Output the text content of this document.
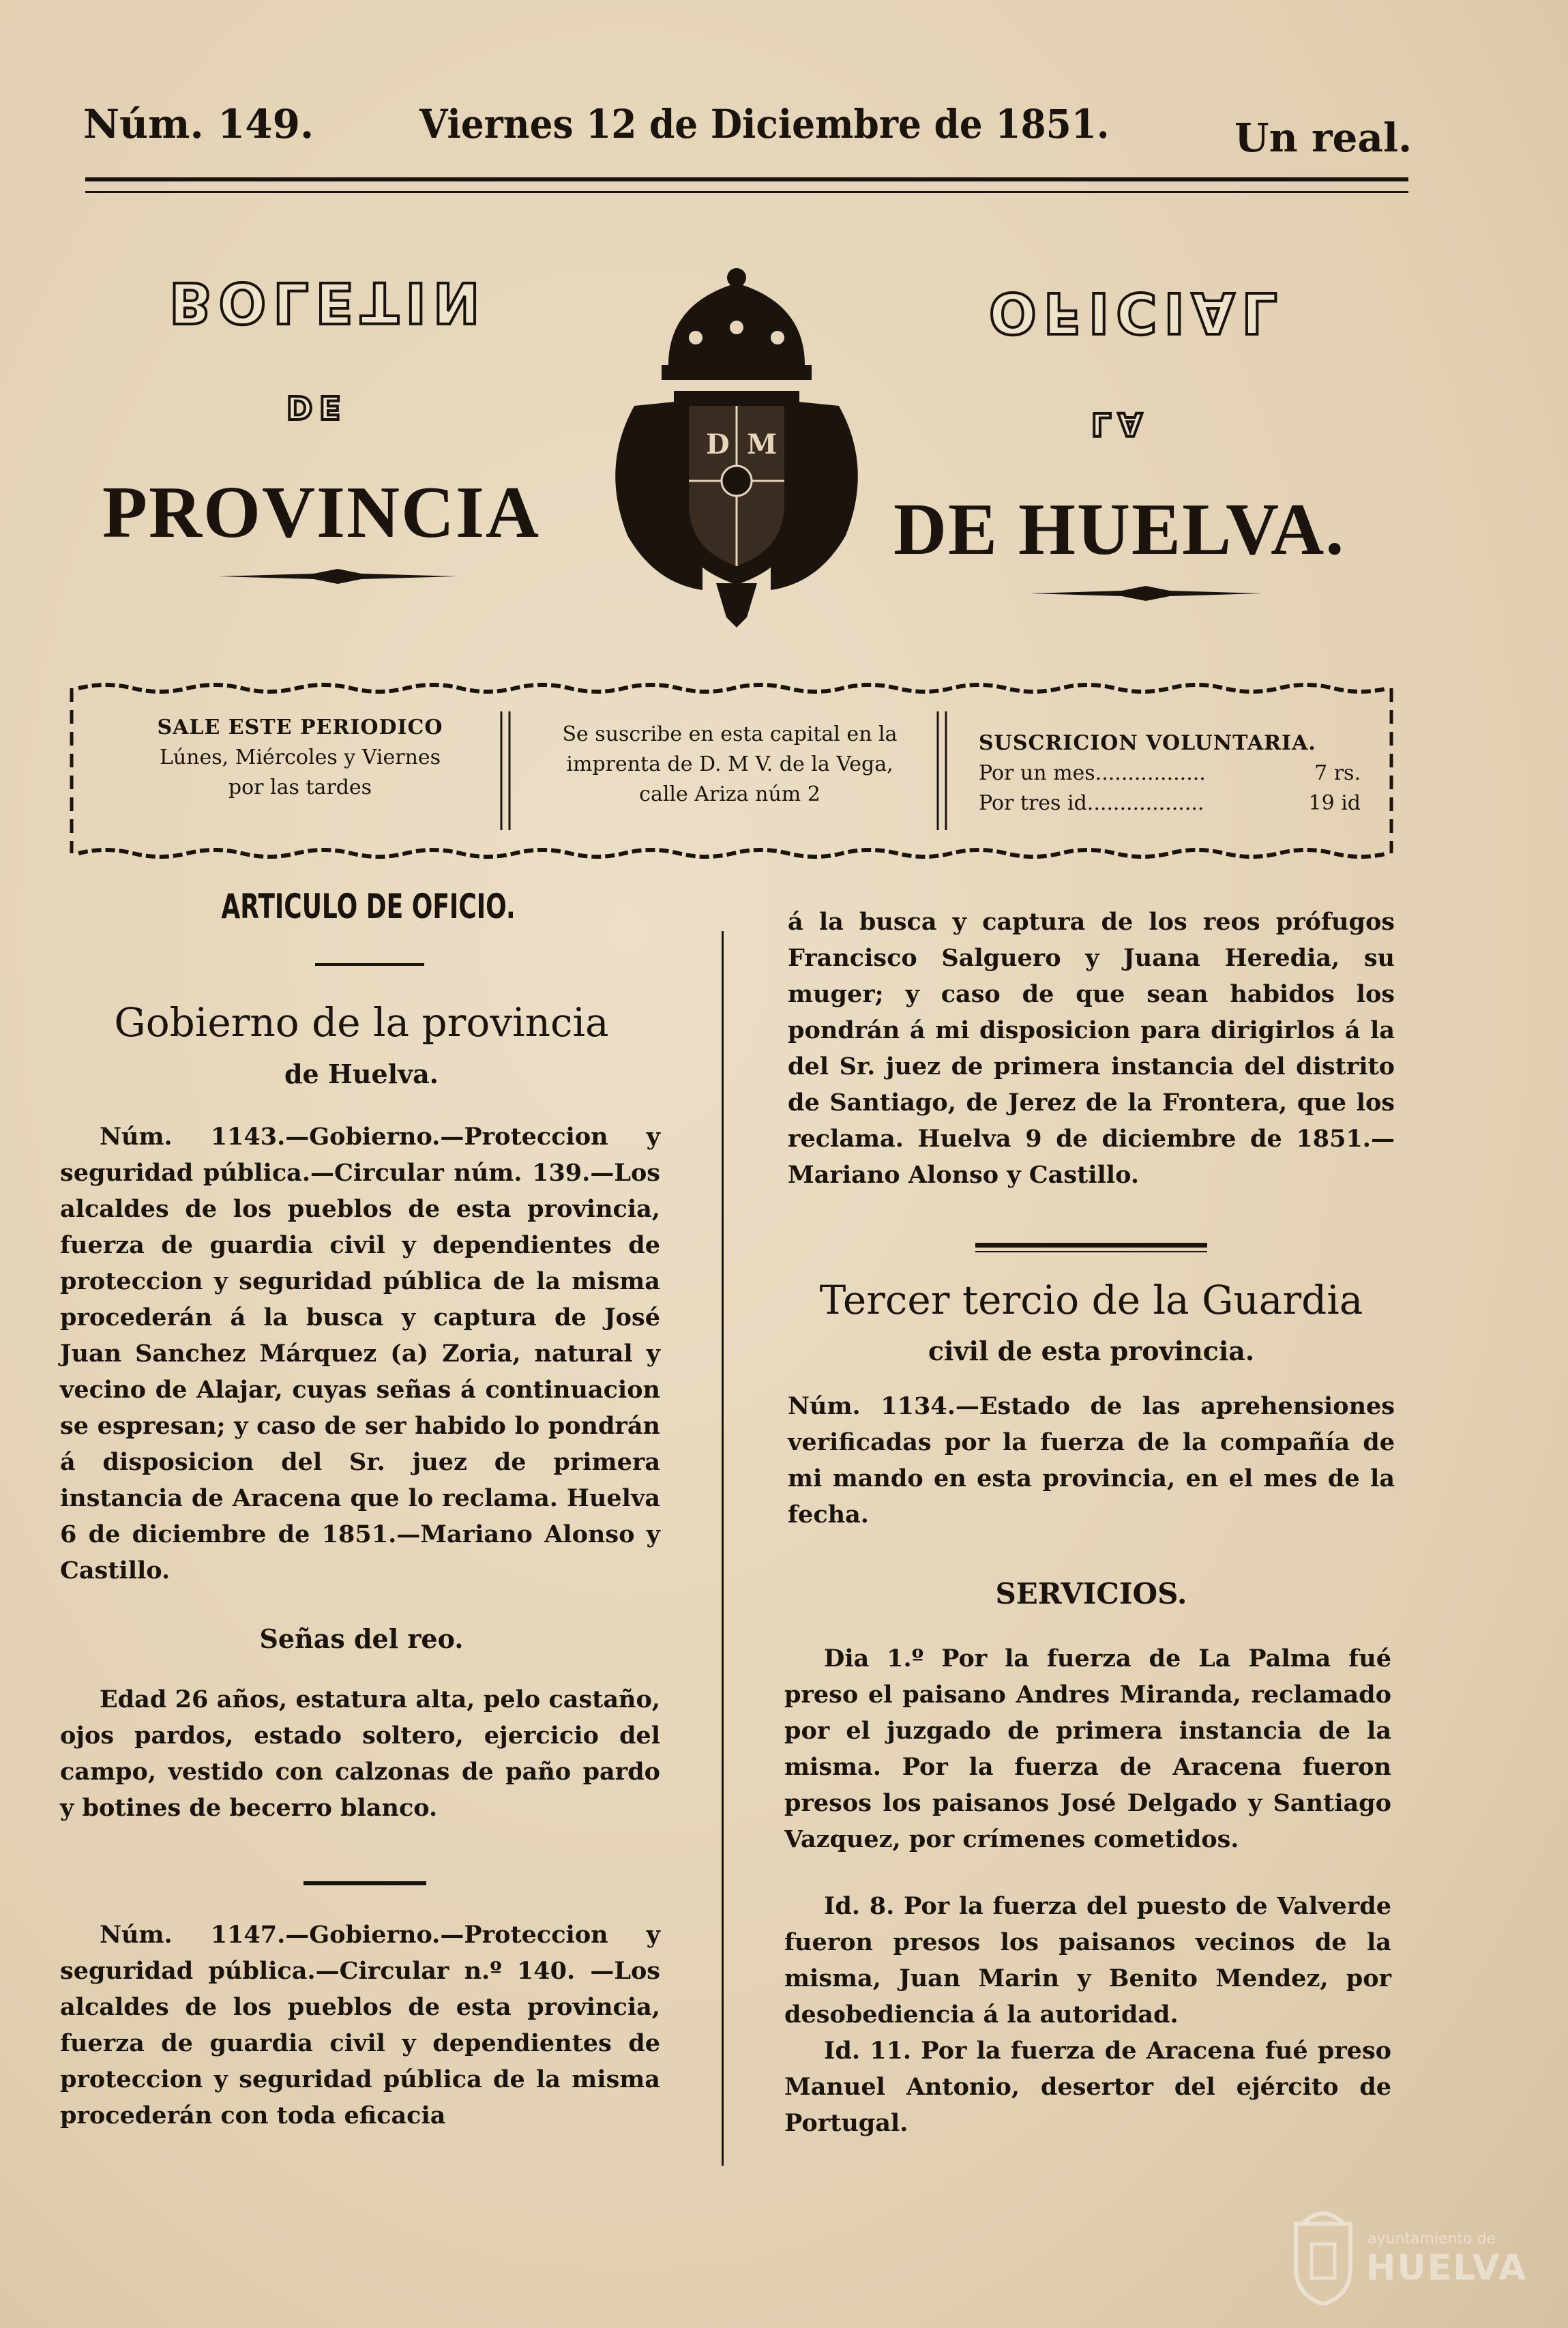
Núm. 149.	Viernes 12 de Diciembre de 1851.	Un real.
BOLETIN	OFICIAL
DE	LA
PROVINCIA	DE HUELVA.
D M
SALE ESTE PERIODICO
Lúnes, Miércoles y Viernes
por las tardes
Se suscribe en esta capital en la
imprenta de D. M V. de la Vega,
calle Ariza núm 2
SUSCRICION VOLUNTARIA.
Por un mes.................	7 rs.
Por tres id..................	19 id
ARTICULO DE OFICIO.
Gobierno de la provincia
de Huelva.
Núm. 1143.—Gobierno.—Proteccion y seguridad pública.—Circular núm. 139.—Los alcaldes de los pueblos de esta provincia, fuerza de guardia civil y dependientes de proteccion y seguridad pública de la misma procederán á la busca y captura de José Juan Sanchez Márquez (a) Zoria, natural y vecino de Alajar, cuyas señas á continuacion se espresan; y caso de ser habido lo pondrán á disposicion del Sr. juez de primera instancia de Aracena que lo reclama. Huelva 6 de diciembre de 1851.—Mariano Alonso y Castillo.
Señas del reo.
Edad 26 años, estatura alta, pelo castaño, ojos pardos, estado soltero, ejercicio del campo, vestido con calzonas de paño pardo y botines de becerro blanco.
Núm. 1147.—Gobierno.—Proteccion y seguridad pública.—Circular n.º 140. —Los alcaldes de los pueblos de esta provincia, fuerza de guardia civil y dependientes de proteccion y seguridad pública de la misma procederán con toda eficacia
á la busca y captura de los reos prófugos Francisco Salguero y Juana Heredia, su muger; y caso de que sean habidos los pondrán á mi disposicion para dirigirlos á la del Sr. juez de primera instancia del distrito de Santiago, de Jerez de la Frontera, que los reclama. Huelva 9 de diciembre de 1851.—Mariano Alonso y Castillo.
Tercer tercio de la Guardia
civil de esta provincia.
Núm. 1134.—Estado de las aprehensiones verificadas por la fuerza de la compañía de mi mando en esta provincia, en el mes de la fecha.
SERVICIOS.
Dia 1.º Por la fuerza de La Palma fué preso el paisano Andres Miranda, reclamado por el juzgado de primera instancia de la misma. Por la fuerza de Aracena fueron presos los paisanos José Delgado y Santiago Vazquez, por crímenes cometidos.
Id. 8. Por la fuerza del puesto de Valverde fueron presos los paisanos vecinos de la misma, Juan Marin y Benito Mendez, por desobediencia á la autoridad.
Id. 11. Por la fuerza de Aracena fué preso Manuel Antonio, desertor del ejército de Portugal.
ayuntamiento de
HUELVA
